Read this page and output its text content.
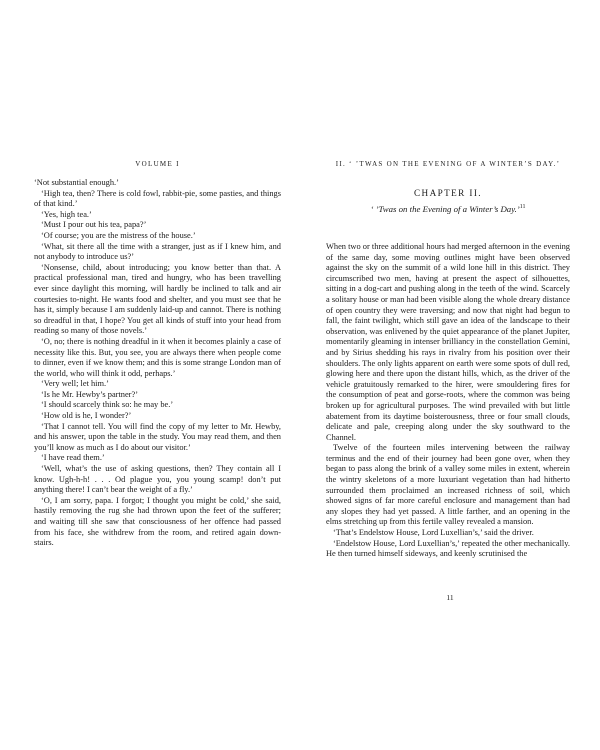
VOLUME I

‘Not substantial enough.’

‘High tea, then? There is cold fowl, rabbit-pie, some pasties, and things of that kind.’

‘Yes, high tea.’

‘Must I pour out his tea, papa?’

‘Of course; you are the mistress of the house.’

‘What, sit there all the time with a stranger, just as if I knew him, and not anybody to introduce us?’

‘Nonsense, child, about introducing; you know better than that. A practical professional man, tired and hungry, who has been travelling ever since daylight this morning, will hardly be inclined to talk and air courtesies to-night. He wants food and shelter, and you must see that he has it, simply because I am suddenly laid-up and cannot. There is nothing so dreadful in that, I hope? You get all kinds of stuff into your head from reading so many of those novels.’

‘O, no; there is nothing dreadful in it when it becomes plainly a case of necessity like this. But, you see, you are always there when people come to dinner, even if we know them; and this is some strange London man of the world, who will think it odd, perhaps.’

‘Very well; let him.’

‘Is he Mr. Hewby’s partner?’

‘I should scarcely think so: he may be.’

‘How old is he, I wonder?’

‘That I cannot tell. You will find the copy of my letter to Mr. Hewby, and his answer, upon the table in the study. You may read them, and then you’ll know as much as I do about our visitor.’

‘I have read them.’

‘Well, what’s the use of asking questions, then? They contain all I know. Ugh-h-h! . . . Od plague you, you young scamp! don’t put anything there! I can’t bear the weight of a fly.’

‘O, I am sorry, papa. I forgot; I thought you might be cold,’ she said, hastily removing the rug she had thrown upon the feet of the sufferer; and waiting till she saw that consciousness of her offence had passed from his face, she withdrew from the room, and retired again down-stairs.

II. ‘ ’TWAS ON THE EVENING OF A WINTER’S DAY.’
CHAPTER II.
‘ ’Twas on the Evening of a Winter’s Day.’$^{11}$

When two or three additional hours had merged afternoon in the evening of the same day, some moving outlines might have been observed against the sky on the summit of a wild lone hill in this district. They circumscribed two men, having at present the aspect of silhouettes, sitting in a dog-cart and pushing along in the teeth of the wind. Scarcely a solitary house or man had been visible along the whole dreary distance of open country they were traversing; and now that night had begun to fall, the faint twilight, which still gave an idea of the landscape to their observation, was enlivened by the quiet appearance of the planet Jupiter, momentarily gleaming in intenser brilliancy in the constellation Gemini, and by Sirius shedding his rays in rivalry from his position over their shoulders. The only lights apparent on earth were some spots of dull red, glowing here and there upon the distant hills, which, as the driver of the vehicle gratuitously remarked to the hirer, were smouldering fires for the consumption of peat and gorse-roots, where the common was being broken up for agricultural purposes. The wind prevailed with but little abatement from its daytime boisterousness, three or four small clouds, delicate and pale, creeping along under the sky southward to the Channel.

Twelve of the fourteen miles intervening between the railway terminus and the end of their journey had been gone over, when they began to pass along the brink of a valley some miles in extent, wherein the wintry skeletons of a more luxuriant vegetation than had hitherto surrounded them proclaimed an increased richness of soil, which showed signs of far more careful enclosure and management than had any slopes they had yet passed. A little farther, and an opening in the elms stretching up from this fertile valley revealed a mansion.

‘That’s Endelstow House, Lord Luxellian’s,’ said the driver.

‘Endelstow House, Lord Luxellian’s,’ repeated the other mechanically. He then turned himself sideways, and keenly scrutinised the

11
